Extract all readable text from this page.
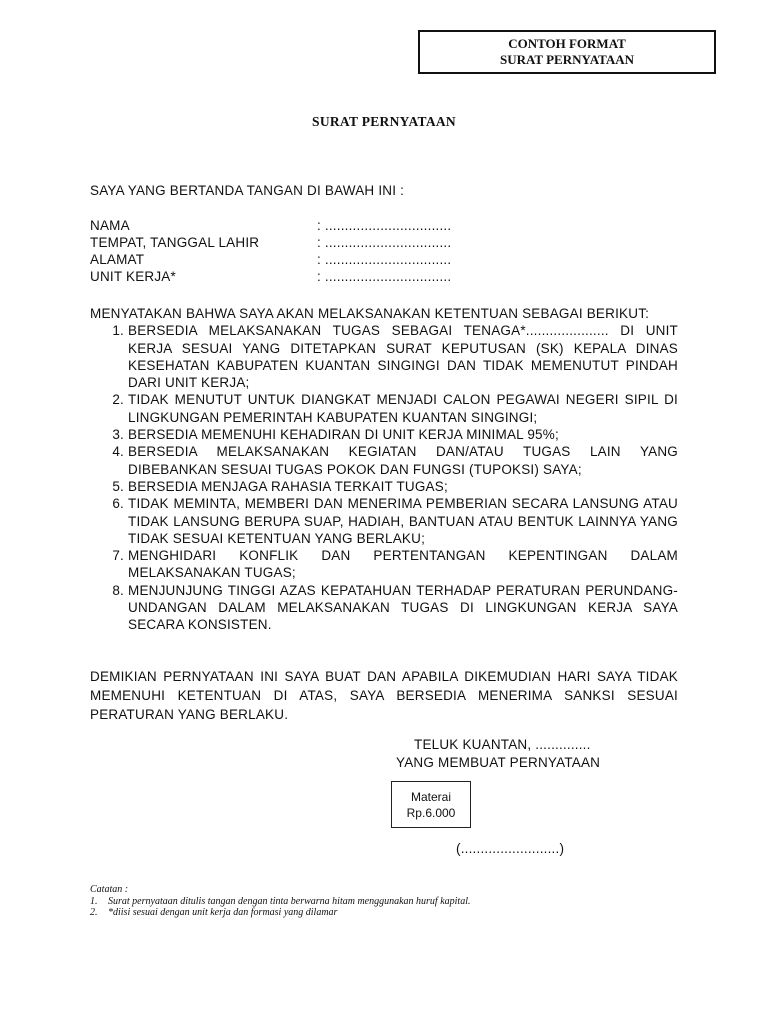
CONTOH FORMAT
SURAT PERNYATAAN
SURAT PERNYATAAN
SAYA YANG BERTANDA TANGAN DI BAWAH INI :
NAMA	: ................................
TEMPAT, TANGGAL LAHIR	: ................................
ALAMAT	: ................................
UNIT KERJA*	: ................................
MENYATAKAN BAHWA SAYA AKAN MELAKSANAKAN KETENTUAN SEBAGAI BERIKUT:
1. BERSEDIA MELAKSANAKAN TUGAS SEBAGAI TENAGA*..................... DI UNIT KERJA SESUAI YANG DITETAPKAN SURAT KEPUTUSAN (SK) KEPALA DINAS KESEHATAN KABUPATEN KUANTAN SINGINGI DAN TIDAK MEMENUTUT PINDAH DARI UNIT KERJA;
2. TIDAK MENUTUT UNTUK DIANGKAT MENJADI CALON PEGAWAI NEGERI SIPIL DI LINGKUNGAN PEMERINTAH KABUPATEN KUANTAN SINGINGI;
3. BERSEDIA MEMENUHI KEHADIRAN DI UNIT KERJA MINIMAL 95%;
4. BERSEDIA MELAKSANAKAN KEGIATAN DAN/ATAU TUGAS LAIN YANG DIBEBANKAN SESUAI TUGAS POKOK DAN FUNGSI (TUPOKSI) SAYA;
5. BERSEDIA MENJAGA RAHASIA TERKAIT TUGAS;
6. TIDAK MEMINTA, MEMBERI DAN MENERIMA PEMBERIAN SECARA LANSUNG ATAU TIDAK LANSUNG BERUPA SUAP, HADIAH, BANTUAN ATAU BENTUK LAINNYA YANG TIDAK SESUAI KETENTUAN YANG BERLAKU;
7. MENGHIDARI KONFLIK DAN PERTENTANGAN KEPENTINGAN DALAM MELAKSANAKAN TUGAS;
8. MENJUNJUNG TINGGI AZAS KEPATAHUAN TERHADAP PERATURAN PERUNDANG-UNDANGAN DALAM MELAKSANAKAN TUGAS DI LINGKUNGAN KERJA SAYA SECARA KONSISTEN.
DEMIKIAN PERNYATAAN INI SAYA BUAT DAN APABILA DIKEMUDIAN HARI SAYA TIDAK MEMENUHI KETENTUAN DI ATAS, SAYA BERSEDIA MENERIMA SANKSI SESUAI PERATURAN YANG BERLAKU.
TELUK KUANTAN, ..............
YANG MEMBUAT PERNYATAAN
Materai
Rp.6.000
(.........................)
Catatan :
1.	Surat pernyataan ditulis tangan dengan tinta berwarna hitam menggunakan huruf kapital.
2.	*diisi sesuai dengan unit kerja dan formasi yang dilamar
